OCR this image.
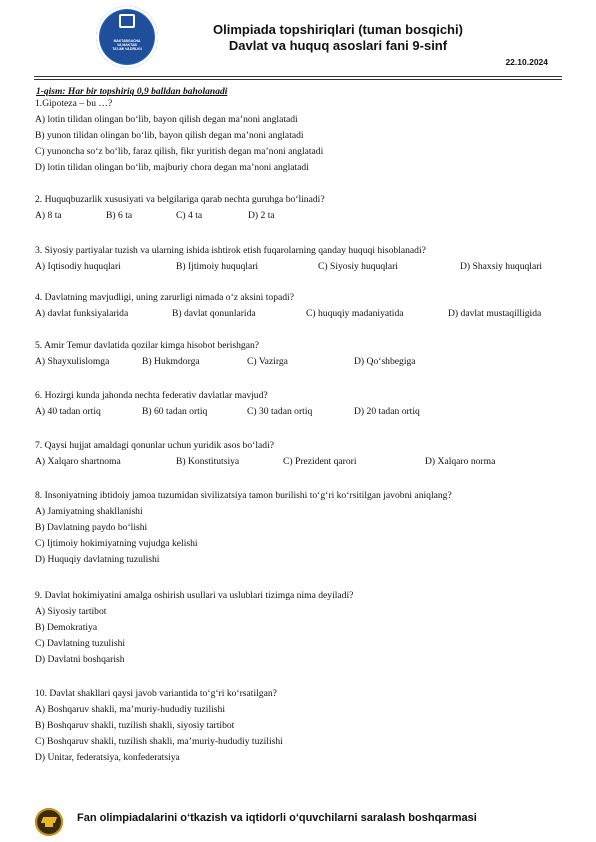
MAKTABGACHA
VA MAKTAB
TA'LIMI VAZIRLIGI
Olimpiada topshiriqlari (tuman bosqichi)
Davlat va huquq asoslari fani 9-sinf
22.10.2024
1-qism: Har bir topshiriq 0,9 balldan baholanadi
1.Gipoteza – bu …?
A) lotin tilidan olingan bo‘lib, bayon qilish degan ma’noni anglatadi
B) yunon tilidan olingan bo‘lib, bayon qilish degan ma’noni anglatadi
C) yunoncha so‘z bo‘lib, faraz qilish, fikr yuritish degan ma’noni anglatadi
D) lotin tilidan olingan bo‘lib, majburiy chora degan ma’noni anglatadi
2. Huquqbuzarlik xususiyati va belgilariga qarab nechta guruhga bo‘linadi?
A) 8 ta	B) 6 ta	C) 4 ta	D) 2 ta
3. Siyosiy partiyalar tuzish va ularning ishida ishtirok etish fuqarolarning qanday huquqi hisoblanadi?
A) Iqtisodiy huquqlari	B) Ijtimoiy huquqlari	C) Siyosiy huquqlari	D) Shaxsiy huquqlari
4. Davlatning mavjudligi, uning zarurligi nimada o‘z aksini topadi?
A) davlat funksiyalarida	B) davlat qonunlarida	C) huquqiy madaniyatida	D) davlat mustaqilligida
5. Amir Temur davlatida qozilar kimga hisobot berishgan?
A) Shayxulislomga	B) Hukmdorga	C) Vazirga	D) Qo‘shbegiga
6. Hozirgi kunda jahonda nechta federativ davlatlar mavjud?
A) 40 tadan ortiq	B) 60 tadan ortiq	C) 30 tadan ortiq	D) 20 tadan ortiq
7. Qaysi hujjat amaldagi qonunlar uchun yuridik asos bo‘ladi?
A) Xalqaro shartnoma	B) Konstitutsiya	C) Prezident qarori	D) Xalqaro norma
8. Insoniyatning ibtidoiy jamoa tuzumidan sivilizatsiya tamon burilishi to‘g‘ri ko‘rsitilgan javobni aniqlang?
A) Jamiyatning shakllanishi
B) Davlatning paydo bo‘lishi
C) Ijtimoiy hokimiyatning vujudga kelishi
D) Huquqiy davlatning tuzulishi
9. Davlat hokimiyatini amalga oshirish usullari va uslublari tizimga nima deyiladi?
A) Siyosiy tartibot
B) Demokratiya
C) Davlatning tuzulishi
D) Davlatni boshqarish
10. Davlat shakllari qaysi javob variantida to‘g‘ri ko‘rsatilgan?
A) Boshqaruv shakli, ma’muriy-hududiy tuzilishi
B) Boshqaruv shakli, tuzilish shakli, siyosiy tartibot
C) Boshqaruv shakli, tuzilish shakli, ma’muriy-hududiy tuzilishi
D) Unitar, federatsiya, konfederatsiya
Fan olimpiadalarini o‘tkazish va iqtidorli o‘quvchilarni saralash boshqarmasi
